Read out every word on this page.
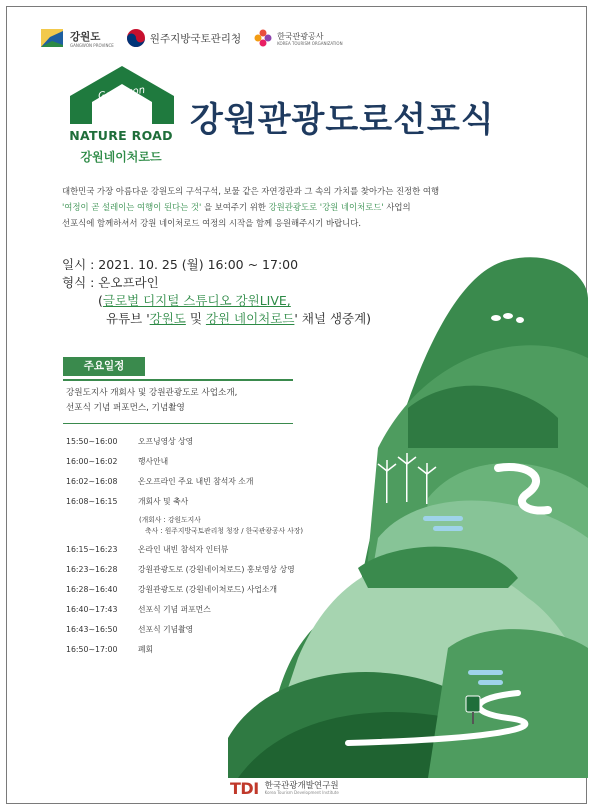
강원도
GANGWON PROVINCE
원주지방국토관리청	한국관광공사
KOREA TOURISM ORGANIZATION
Gangwon
NATURE ROAD
강원네이처로드
강원관광도로선포식

대한민국 가장 아름다운 강원도의 구석구석, 보물 같은 자연경관과 그 속의 가치를 찾아가는 진정한 여행

'여정이 곧 설레이는 여행이 된다는 것' 을 보여주기 위한 강원관광도로 '강원 네이처로드' 사업의

선포식에 함께하셔서 강원 네이처로드 여정의 시작을 함께 응원해주시기 바랍니다.

일시 : 2021. 10. 25 (월) 16:00 ~ 17:00
형식 : 온오프라인
(글로벌 디지털 스튜디오 강원LIVE,
유튜브 '강원도 및 강원 네이처로드' 채널 생중계)
주요일정
강원도지사 개회사 및 강원관광도로 사업소개,
선포식 기념 퍼포먼스, 기념촬영
15:50~16:00	오프닝영상 상영
16:00~16:02	행사안내
16:02~16:08	온오프라인 주요 내빈 참석자 소개
16:08~16:15	개회사 및 축사
(개회사 : 강원도지사
축사 : 원주지방국토관리청 청장 / 한국관광공사 사장)
16:15~16:23	온라인 내빈 참석자 인터뷰
16:23~16:28	강원관광도로 (강원네이처로드) 홍보영상 상영
16:28~16:40	강원관광도로 (강원네이처로드) 사업소개
16:40~17:43	선포식 기념 퍼포먼스
16:43~16:50	선포식 기념촬영
16:50~17:00	폐회
TDI 한국관광개발연구원
Korea Tourism Development Institute
